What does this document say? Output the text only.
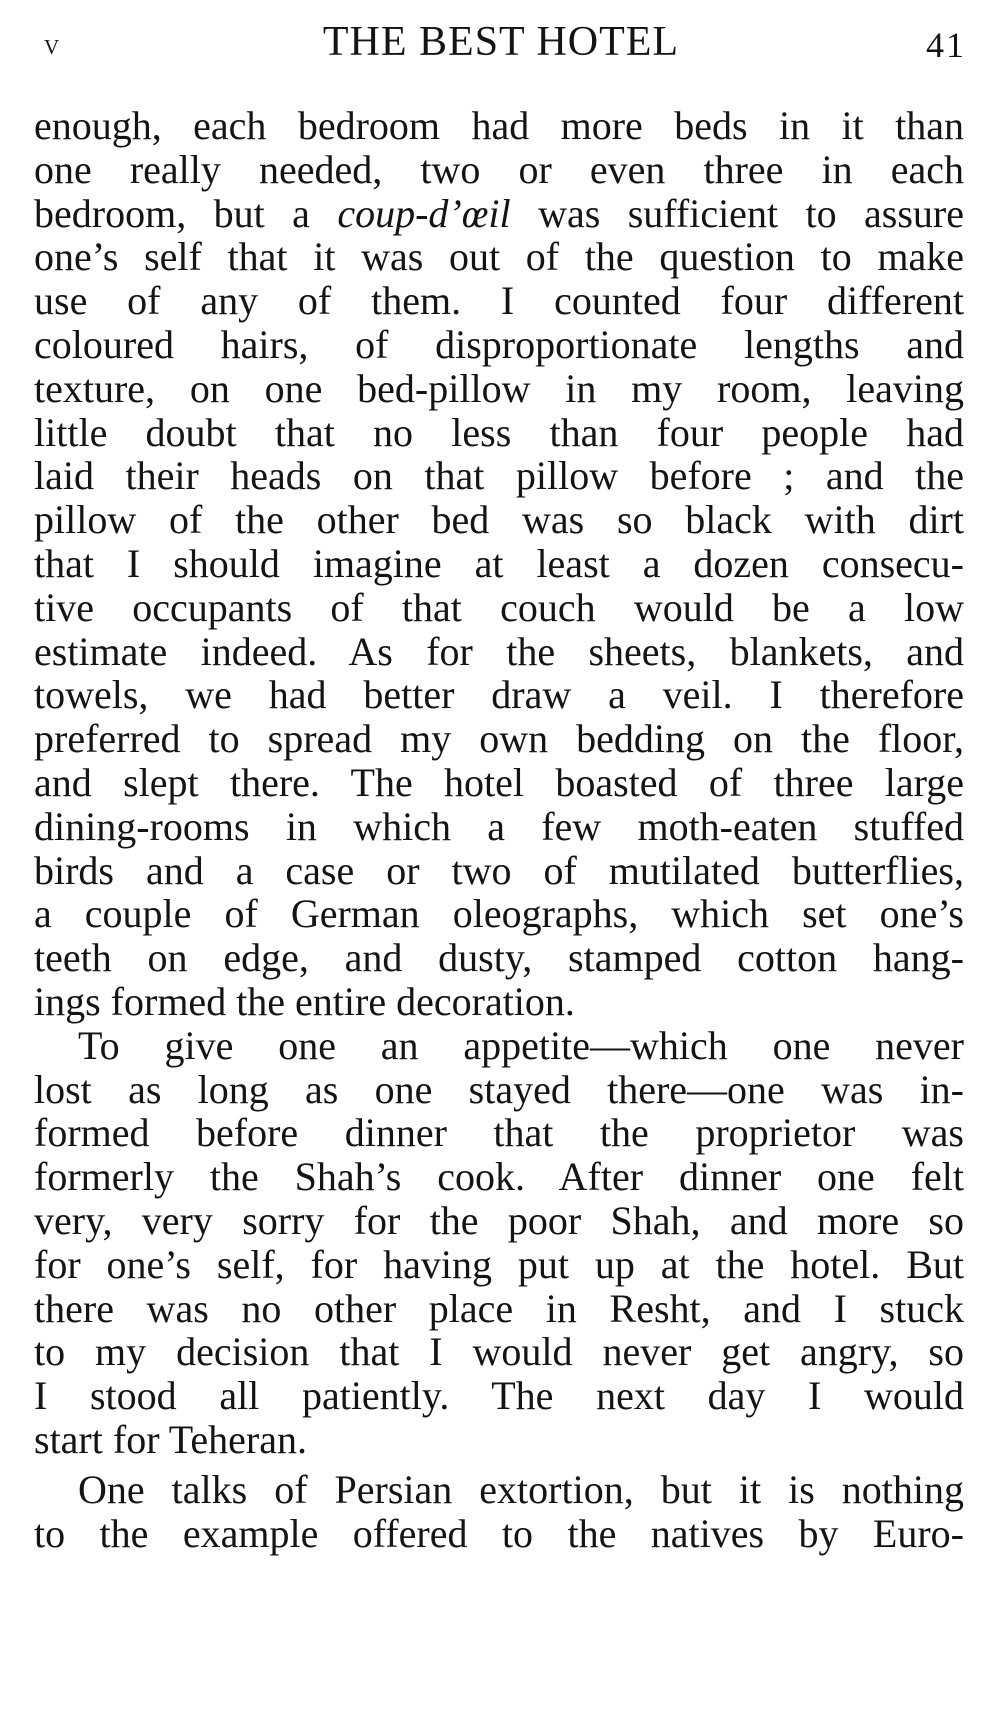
v	THE BEST HOTEL	41
enough, each bedroom had more beds in it than
one really needed, two or even three in each
bedroom, but a coup-d’œil was sufficient to assure
one’s self that it was out of the question to make
use of any of them. I counted four different
coloured hairs, of disproportionate lengths and
texture, on one bed-pillow in my room, leaving
little doubt that no less than four people had
laid their heads on that pillow before ; and the
pillow of the other bed was so black with dirt
that I should imagine at least a dozen consecu-
tive occupants of that couch would be a low
estimate indeed. As for the sheets, blankets, and
towels, we had better draw a veil. I therefore
preferred to spread my own bedding on the floor,
and slept there. The hotel boasted of three large
dining-rooms in which a few moth-eaten stuffed
birds and a case or two of mutilated butterflies,
a couple of German oleographs, which set one’s
teeth on edge, and dusty, stamped cotton hang-
ings formed the entire decoration.
To give one an appetite—which one never
lost as long as one stayed there—one was in-
formed before dinner that the proprietor was
formerly the Shah’s cook. After dinner one felt
very, very sorry for the poor Shah, and more so
for one’s self, for having put up at the hotel. But
there was no other place in Resht, and I stuck
to my decision that I would never get angry, so
I stood all patiently. The next day I would
start for Teheran.
One talks of Persian extortion, but it is nothing
to the example offered to the natives by Euro-
